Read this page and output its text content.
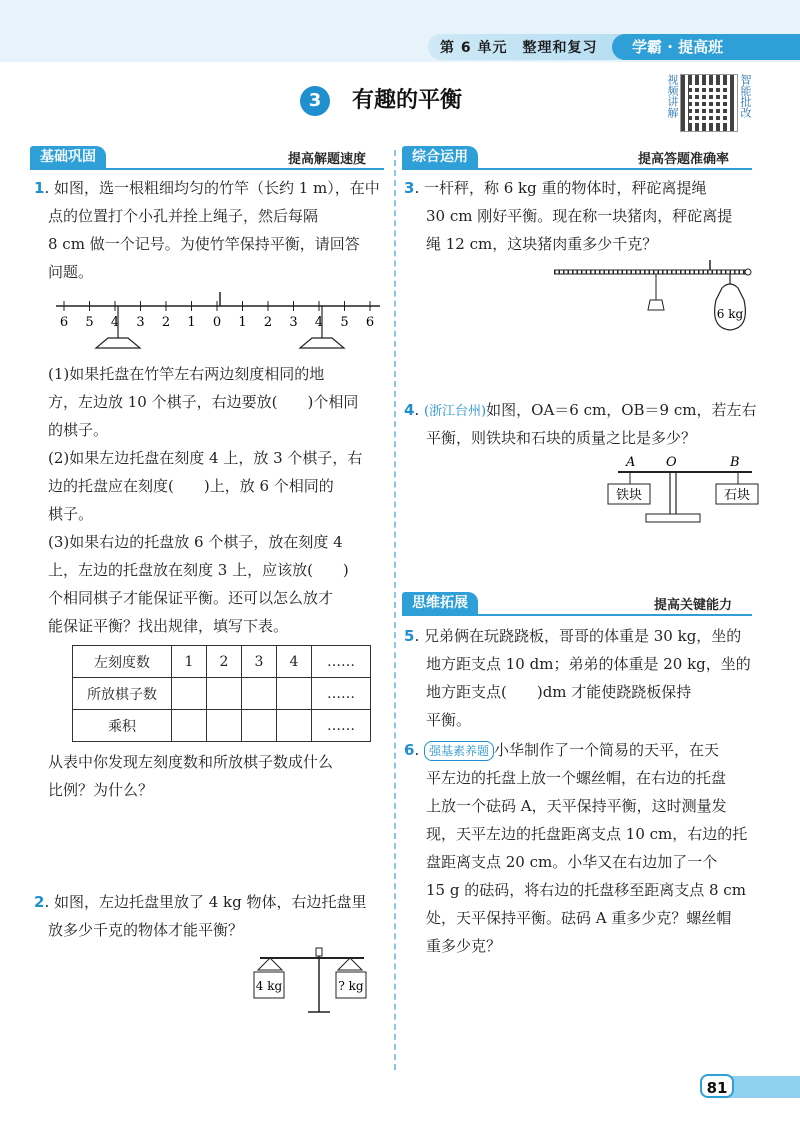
第 6 单元　整理和复习	学霸 · 提高班
3	有趣的平衡	视频讲解	智能批改
基础巩固	提高解题速度	综合运用	提高答题准确率
思维拓展	提高关键能力
1. 如图，选一根粗细均匀的竹竿（长约 1 m），在中
点的位置打个小孔并拴上绳子，然后每隔
8 cm 做一个记号。为使竹竿保持平衡，请回答
问题。
6 5 4 3 2 1 0 1 2 3 4 5 6
(1)如果托盘在竹竿左右两边刻度相同的地
方，左边放 10 个棋子，右边要放(　　)个相同
的棋子。
(2)如果左边托盘在刻度 4 上，放 3 个棋子，右
边的托盘应在刻度(　　)上，放 6 个相同的
棋子。
(3)如果右边的托盘放 6 个棋子，放在刻度 4
上，左边的托盘放在刻度 3 上，应该放(　　)
个相同棋子才能保证平衡。还可以怎么放才
能保证平衡？找出规律，填写下表。
左刻度数	1	2	3	4	……
所放棋子数					……
乘积					……
从表中你发现左刻度数和所放棋子数成什么
比例？为什么？
2. 如图，左边托盘里放了 4 kg 物体，右边托盘里
放多少千克的物体才能平衡？
4 kg	? kg
3. 一杆秤，称 6 kg 重的物体时，秤砣离提绳
30 cm 刚好平衡。现在称一块猪肉，秤砣离提
绳 12 cm，这块猪肉重多少千克？
6 kg
4. (浙江台州)如图，OA＝6 cm，OB＝9 cm，若左右
平衡，则铁块和石块的质量之比是多少？
A O	B
铁块	石块
5. 兄弟俩在玩跷跷板，哥哥的体重是 30 kg，坐的
地方距支点 10 dm；弟弟的体重是 20 kg，坐的
地方距支点(　　)dm 才能使跷跷板保持
平衡。
6. 强基素养题 小华制作了一个简易的天平，在天
平左边的托盘上放一个螺丝帽，在右边的托盘
上放一个砝码 A，天平保持平衡，这时测量发
现，天平左边的托盘距离支点 10 cm，右边的托
盘距离支点 20 cm。小华又在右边加了一个
15 g 的砝码，将右边的托盘移至距离支点 8 cm
处，天平保持平衡。砝码 A 重多少克？螺丝帽
重多少克？
81
